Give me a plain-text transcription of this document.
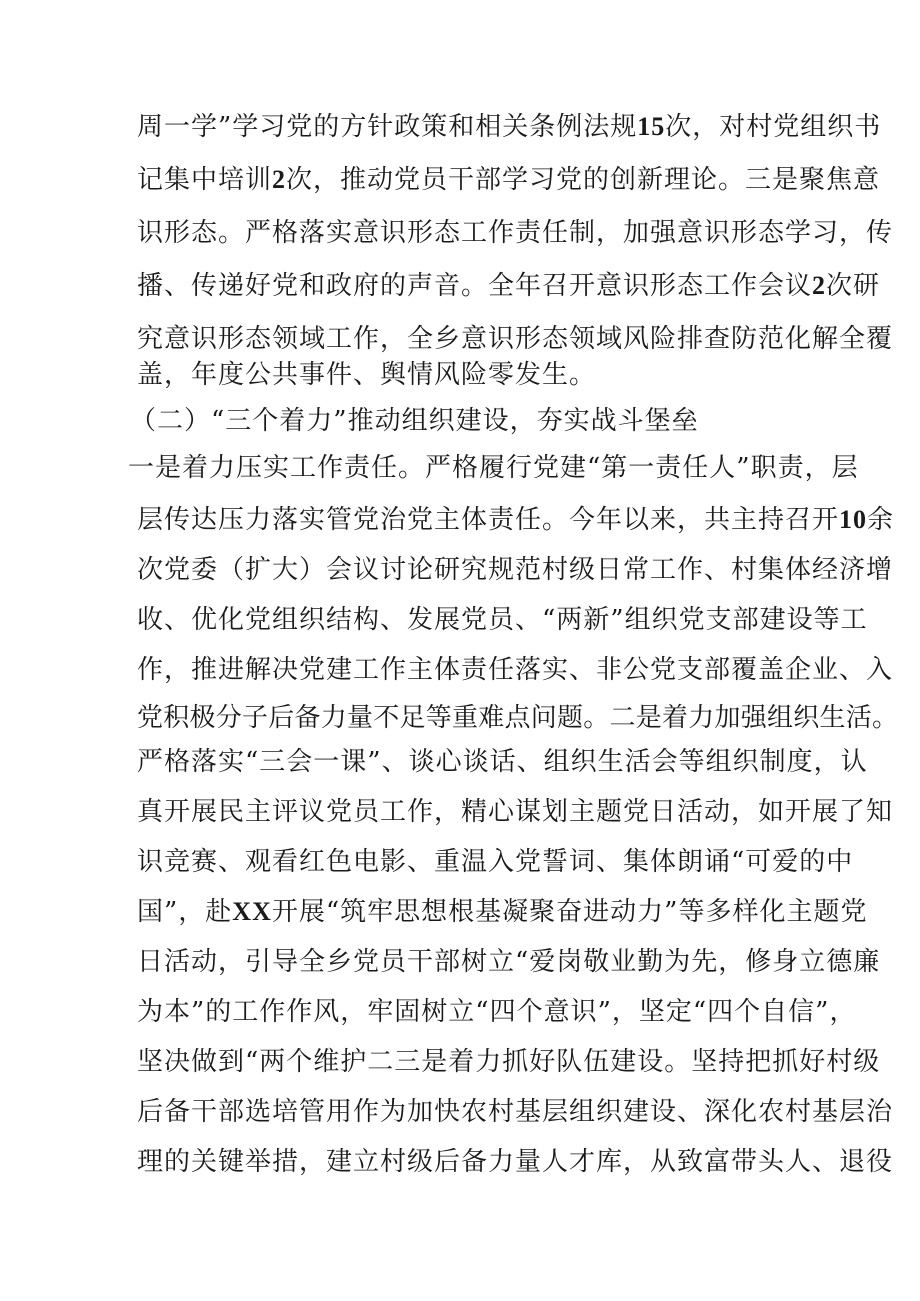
周一学”学习党的方针政策和相关条例法规15次，对村党组织书
记集中培训2次，推动党员干部学习党的创新理论。三是聚焦意
识形态。严格落实意识形态工作责任制，加强意识形态学习，传
播、传递好党和政府的声音。全年召开意识形态工作会议2次研
究意识形态领域工作，全乡意识形态领域风险排查防范化解全覆
盖，年度公共事件、舆情风险零发生。
（二）“三个着力”推动组织建设，夯实战斗堡垒
一是着力压实工作责任。严格履行党建“第一责任人”职责，层
层传达压力落实管党治党主体责任。今年以来，共主持召开10余
次党委（扩大）会议讨论研究规范村级日常工作、村集体经济增
收、优化党组织结构、发展党员、“两新”组织党支部建设等工
作，推进解决党建工作主体责任落实、非公党支部覆盖企业、入
党积极分子后备力量不足等重难点问题。二是着力加强组织生活。
严格落实“三会一课”、谈心谈话、组织生活会等组织制度，认
真开展民主评议党员工作，精心谋划主题党日活动，如开展了知
识竞赛、观看红色电影、重温入党誓词、集体朗诵“可爱的中
国”，赴XX开展“筑牢思想根基凝聚奋进动力”等多样化主题党
日活动，引导全乡党员干部树立“爱岗敬业勤为先，修身立德廉
为本”的工作作风，牢固树立“四个意识”，坚定“四个自信”，
坚决做到“两个维护二三是着力抓好队伍建设。坚持把抓好村级
后备干部选培管用作为加快农村基层组织建设、深化农村基层治
理的关键举措，建立村级后备力量人才库，从致富带头人、退役
